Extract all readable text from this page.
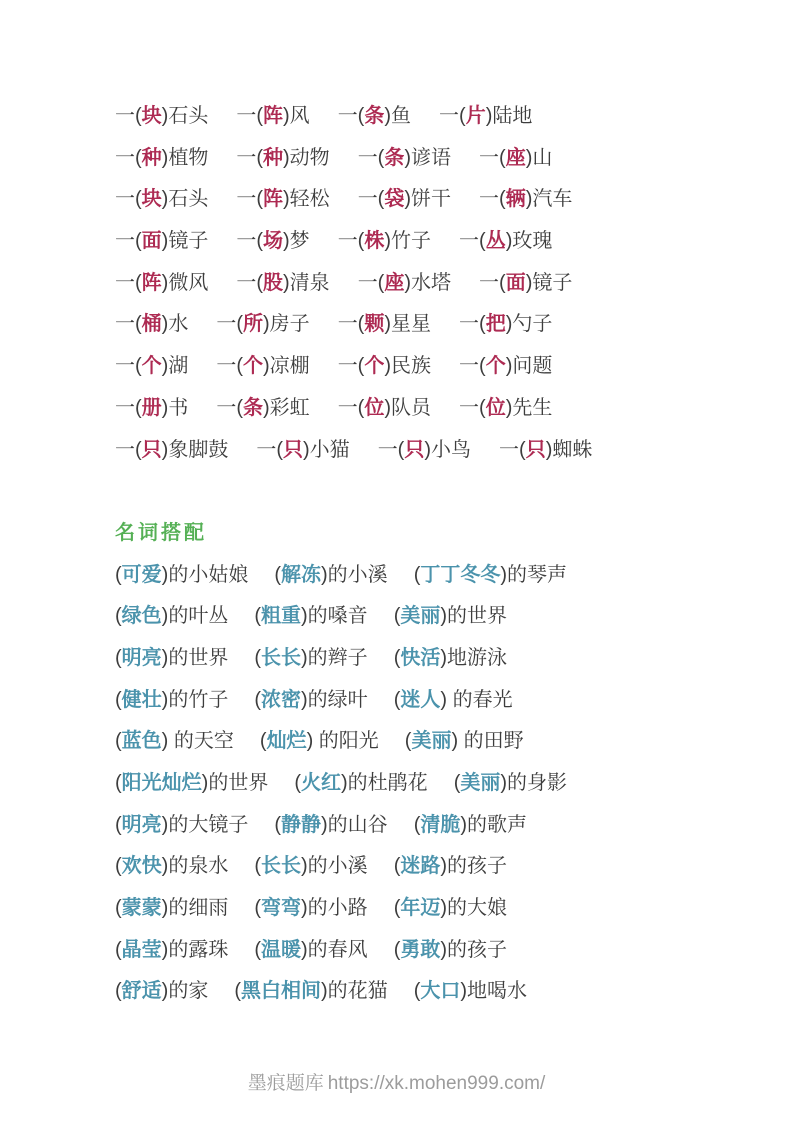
一(块)石头 一(阵)风 一(条)鱼 一(片)陆地
一(种)植物 一(种)动物 一(条)谚语 一(座)山
一(块)石头 一(阵)轻松 一(袋)饼干 一(辆)汽车
一(面)镜子 一(场)梦 一(株)竹子 一(丛)玫瑰
一(阵)微风 一(股)清泉 一(座)水塔 一(面)镜子
一(桶)水 一(所)房子 一(颗)星星 一(把)勺子
一(个)湖 一(个)凉棚 一(个)民族 一(个)问题
一(册)书 一(条)彩虹 一(位)队员 一(位)先生
一(只)象脚鼓 一(只)小猫 一(只)小鸟 一(只)蜘蛛
名词搭配
(可爱)的小姑娘 (解冻)的小溪 (丁丁冬冬)的琴声
(绿色)的叶丛 (粗重)的嗓音 (美丽)的世界
(明亮)的世界 (长长)的辫子 (快活)地游泳
(健壮)的竹子 (浓密)的绿叶 (迷人) 的春光
(蓝色) 的天空 (灿烂) 的阳光 (美丽) 的田野
(阳光灿烂)的世界 (火红)的杜鹃花 (美丽)的身影
(明亮)的大镜子 (静静)的山谷 (清脆)的歌声
(欢快)的泉水 (长长)的小溪 (迷路)的孩子
(蒙蒙)的细雨 (弯弯)的小路 (年迈)的大娘
(晶莹)的露珠 (温暖)的春风 (勇敢)的孩子
(舒适)的家 (黑白相间)的花猫 (大口)地喝水
墨痕题库 https://xk.mohen999.com/
